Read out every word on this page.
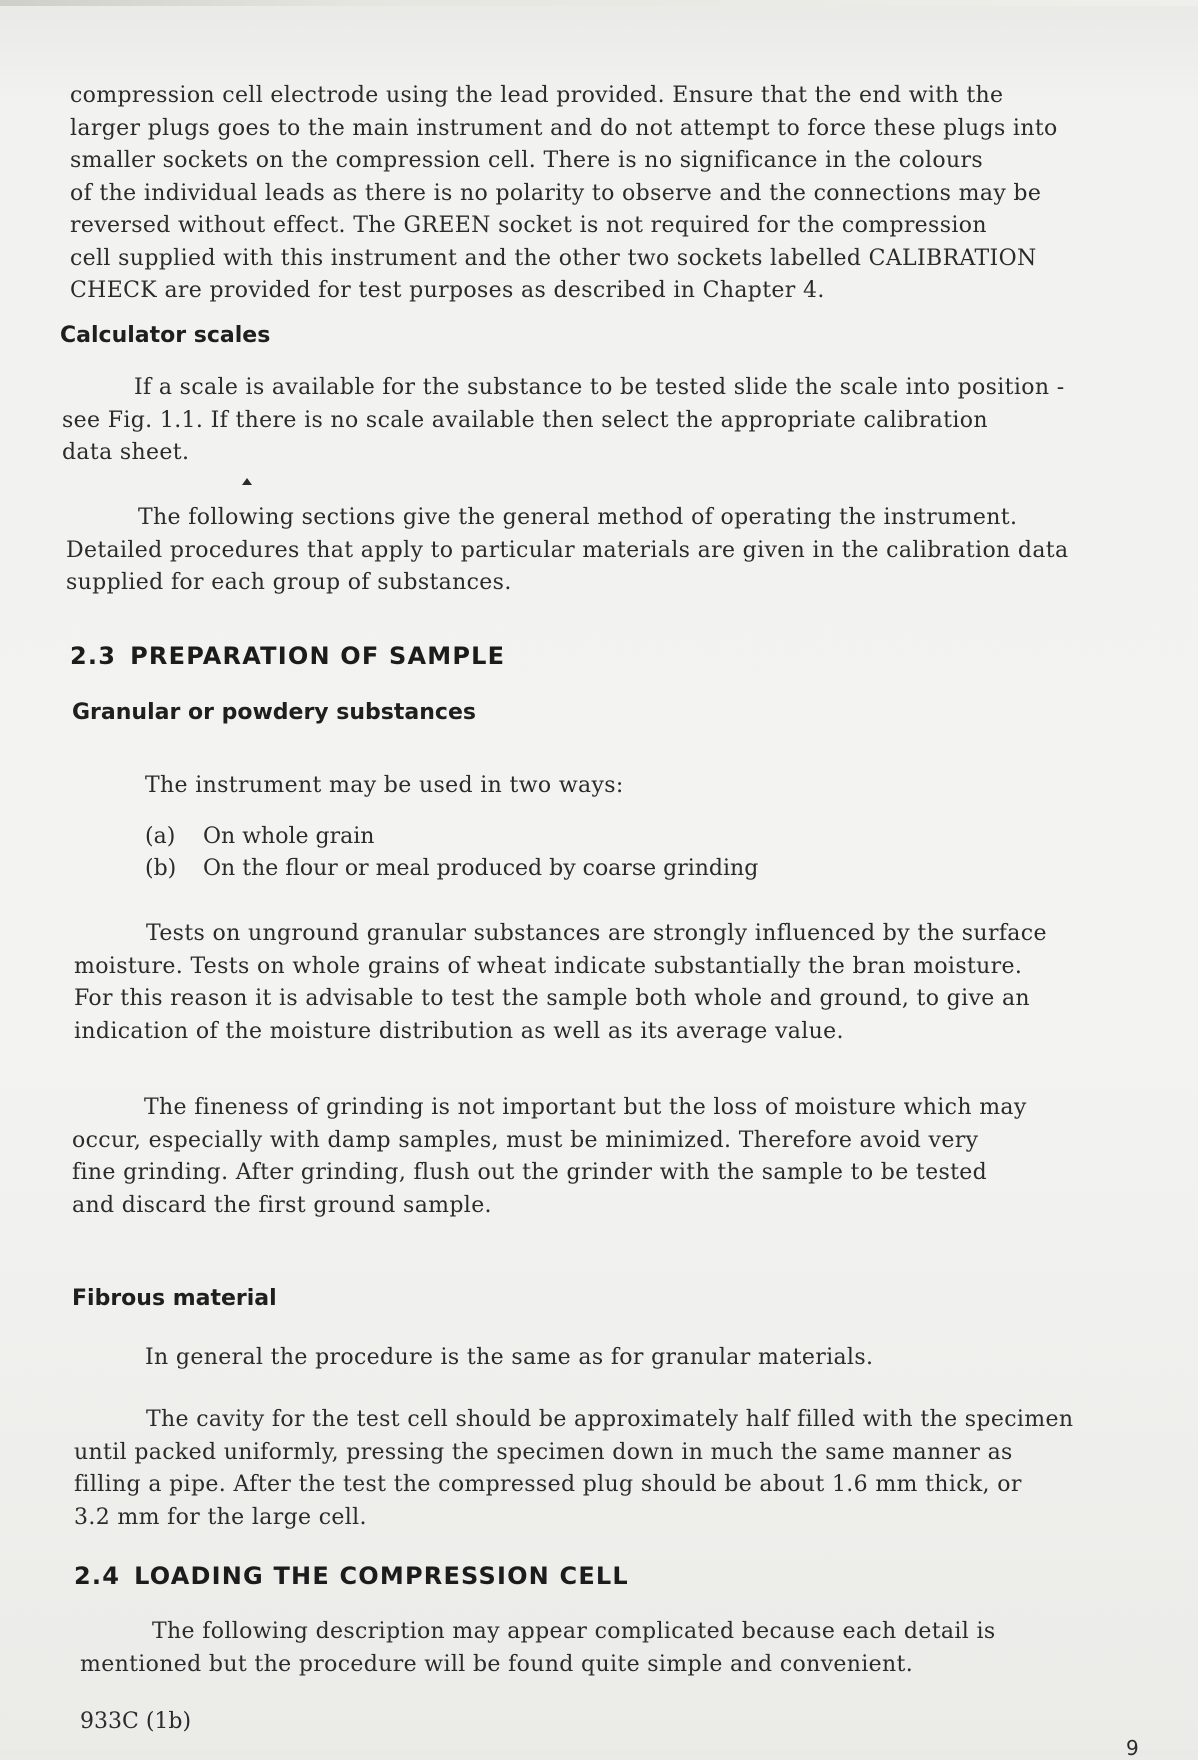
compression cell electrode using the lead provided. Ensure that the end with the
larger plugs goes to the main instrument and do not attempt to force these plugs into
smaller sockets on the compression cell. There is no significance in the colours
of the individual leads as there is no polarity to observe and the connections may be
reversed without effect. The GREEN socket is not required for the compression
cell supplied with this instrument and the other two sockets labelled CALIBRATION
CHECK are provided for test purposes as described in Chapter 4.
Calculator scales
If a scale is available for the substance to be tested slide the scale into position -
see Fig. 1.1. If there is no scale available then select the appropriate calibration
data sheet.
The following sections give the general method of operating the instrument.
Detailed procedures that apply to particular materials are given in the calibration data
supplied for each group of substances.
2.3 PREPARATION OF SAMPLE
Granular or powdery substances

The instrument may be used in two ways:

(a) On whole grain
(b) On the flour or meal produced by coarse grinding
Tests on unground granular substances are strongly influenced by the surface
moisture. Tests on whole grains of wheat indicate substantially the bran moisture.
For this reason it is advisable to test the sample both whole and ground, to give an
indication of the moisture distribution as well as its average value.
The fineness of grinding is not important but the loss of moisture which may
occur, especially with damp samples, must be minimized. Therefore avoid very
fine grinding. After grinding, flush out the grinder with the sample to be tested
and discard the first ground sample.
Fibrous material

In general the procedure is the same as for granular materials.

The cavity for the test cell should be approximately half filled with the specimen
until packed uniformly, pressing the specimen down in much the same manner as
filling a pipe. After the test the compressed plug should be about 1.6 mm thick, or
3.2 mm for the large cell.
2.4 LOADING THE COMPRESSION CELL
The following description may appear complicated because each detail is
mentioned but the procedure will be found quite simple and convenient.
933C (1b)
9
